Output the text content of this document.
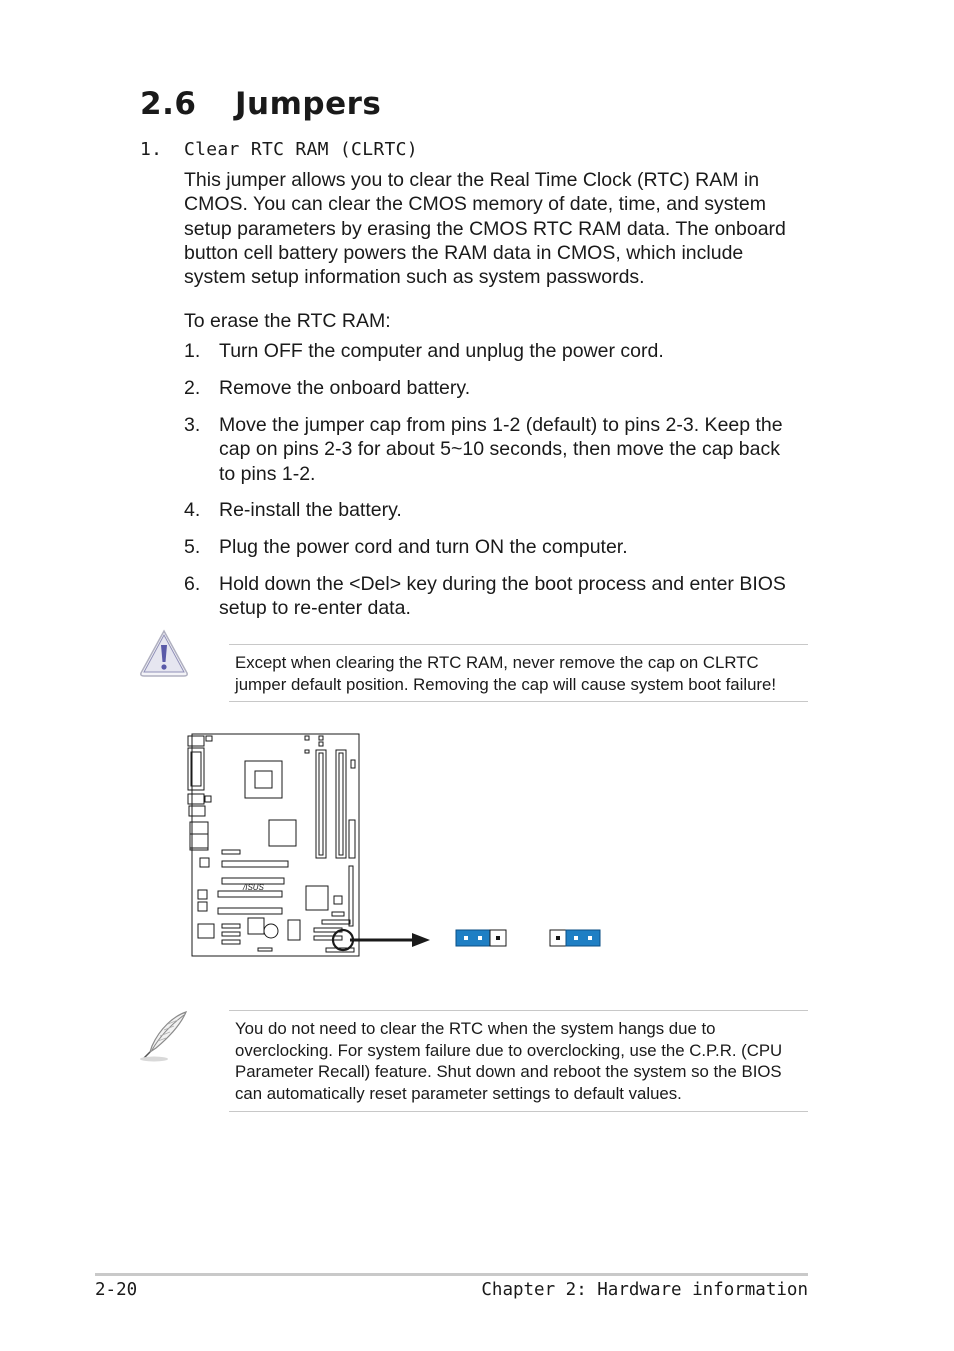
2.6 Jumpers
1. Clear RTC RAM (CLRTC)
This jumper allows you to clear the Real Time Clock (RTC) RAM in
CMOS. You can clear the CMOS memory of date, time, and system
setup parameters by erasing the CMOS RTC RAM data. The onboard
button cell battery powers the RAM data in CMOS, which include
system setup information such as system passwords.
To erase the RTC RAM:
1. Turn OFF the computer and unplug the power cord.
2. Remove the onboard battery.
3. Move the jumper cap from pins 1-2 (default) to pins 2-3. Keep the
cap on pins 2-3 for about 5~10 seconds, then move the cap back
to pins 1-2.
4. Re-install the battery.
5. Plug the power cord and turn ON the computer.
6. Hold down the <Del> key during the boot process and enter BIOS
setup to re-enter data.
Except when clearing the RTC RAM, never remove the cap on CLRTC
jumper default position. Removing the cap will cause system boot failure!
/ISUS
You do not need to clear the RTC when the system hangs due to
overclocking. For system failure due to overclocking, use the C.P.R. (CPU
Parameter Recall) feature. Shut down and reboot the system so the BIOS
can automatically reset parameter settings to default values.
2-20	Chapter 2: Hardware information
